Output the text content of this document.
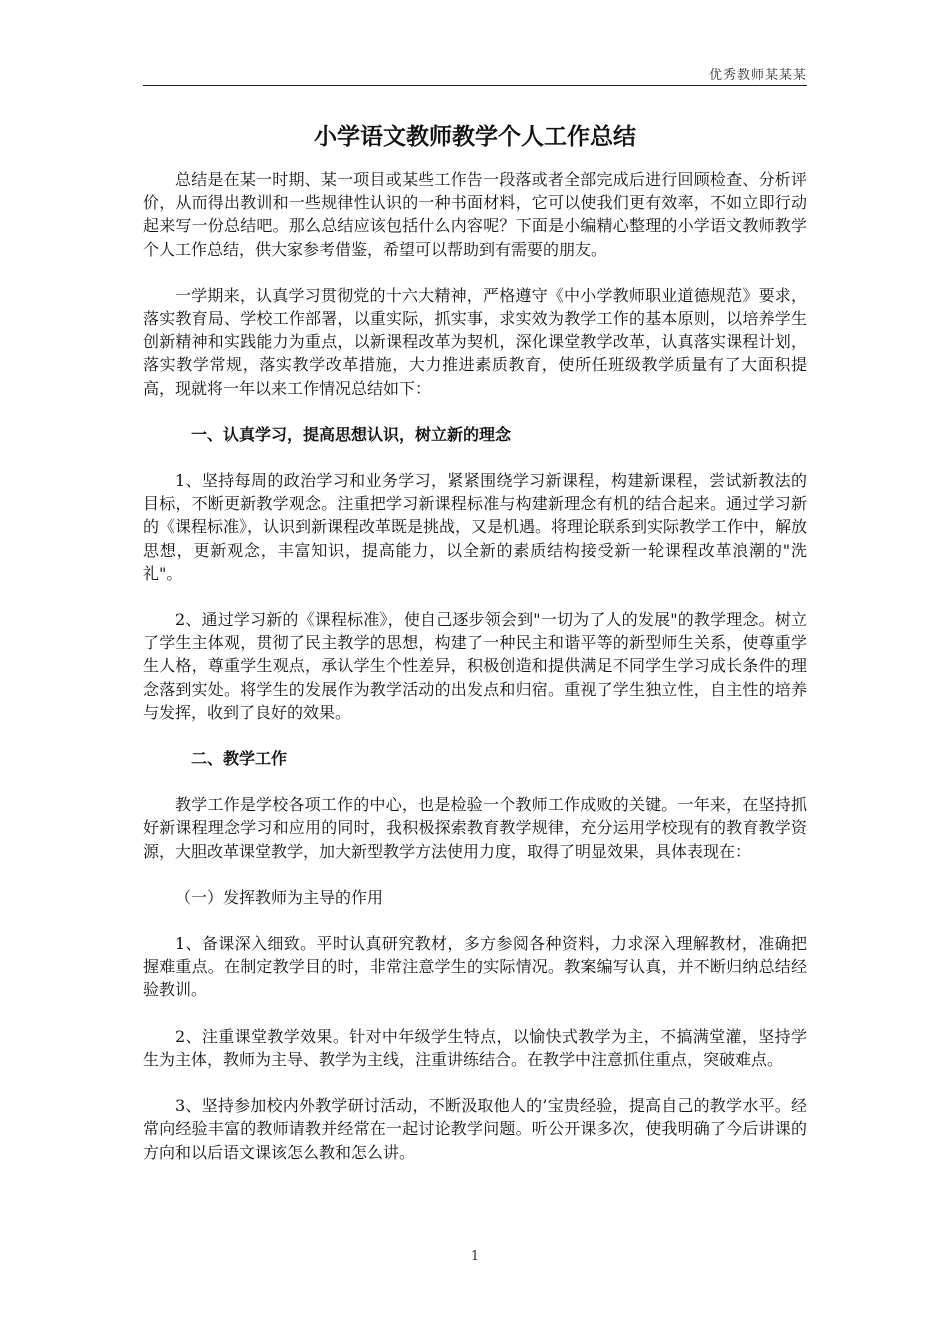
优秀教师某某某
小学语文教师教学个人工作总结

总结是在某一时期、某一项目或某些工作告一段落或者全部完成后进行回顾检查、分析评价，从而得出教训和一些规律性认识的一种书面材料，它可以使我们更有效率，不如立即行动起来写一份总结吧。那么总结应该包括什么内容呢？下面是小编精心整理的小学语文教师教学个人工作总结，供大家参考借鉴，希望可以帮助到有需要的朋友。

一学期来，认真学习贯彻党的十六大精神，严格遵守《中小学教师职业道德规范》要求，落实教育局、学校工作部署，以重实际，抓实事，求实效为教学工作的基本原则，以培养学生创新精神和实践能力为重点，以新课程改革为契机，深化课堂教学改革，认真落实课程计划，落实教学常规，落实教学改革措施，大力推进素质教育，使所任班级教学质量有了大面积提高，现就将一年以来工作情况总结如下：

一、认真学习，提高思想认识，树立新的理念

1、坚持每周的政治学习和业务学习，紧紧围绕学习新课程，构建新课程，尝试新教法的目标，不断更新教学观念。注重把学习新课程标准与构建新理念有机的结合起来。通过学习新的《课程标准》，认识到新课程改革既是挑战，又是机遇。将理论联系到实际教学工作中，解放思想，更新观念，丰富知识，提高能力，以全新的素质结构接受新一轮课程改革浪潮的"洗礼"。

2、通过学习新的《课程标准》，使自己逐步领会到"一切为了人的发展"的教学理念。树立了学生主体观，贯彻了民主教学的思想，构建了一种民主和谐平等的新型师生关系，使尊重学生人格，尊重学生观点，承认学生个性差异，积极创造和提供满足不同学生学习成长条件的理念落到实处。将学生的发展作为教学活动的出发点和归宿。重视了学生独立性，自主性的培养与发挥，收到了良好的效果。

二、教学工作

教学工作是学校各项工作的中心，也是检验一个教师工作成败的关键。一年来，在坚持抓好新课程理念学习和应用的同时，我积极探索教育教学规律，充分运用学校现有的教育教学资源，大胆改革课堂教学，加大新型教学方法使用力度，取得了明显效果，具体表现在：

（一）发挥教师为主导的作用

1、备课深入细致。平时认真研究教材，多方参阅各种资料，力求深入理解教材，准确把握难重点。在制定教学目的时，非常注意学生的实际情况。教案编写认真，并不断归纳总结经验教训。

2、注重课堂教学效果。针对中年级学生特点，以愉快式教学为主，不搞满堂灌，坚持学生为主体，教师为主导、教学为主线，注重讲练结合。在教学中注意抓住重点，突破难点。

3、坚持参加校内外教学研讨活动，不断汲取他人的’宝贵经验，提高自己的教学水平。经常向经验丰富的教师请教并经常在一起讨论教学问题。听公开课多次，使我明确了今后讲课的方向和以后语文课该怎么教和怎么讲。

1
